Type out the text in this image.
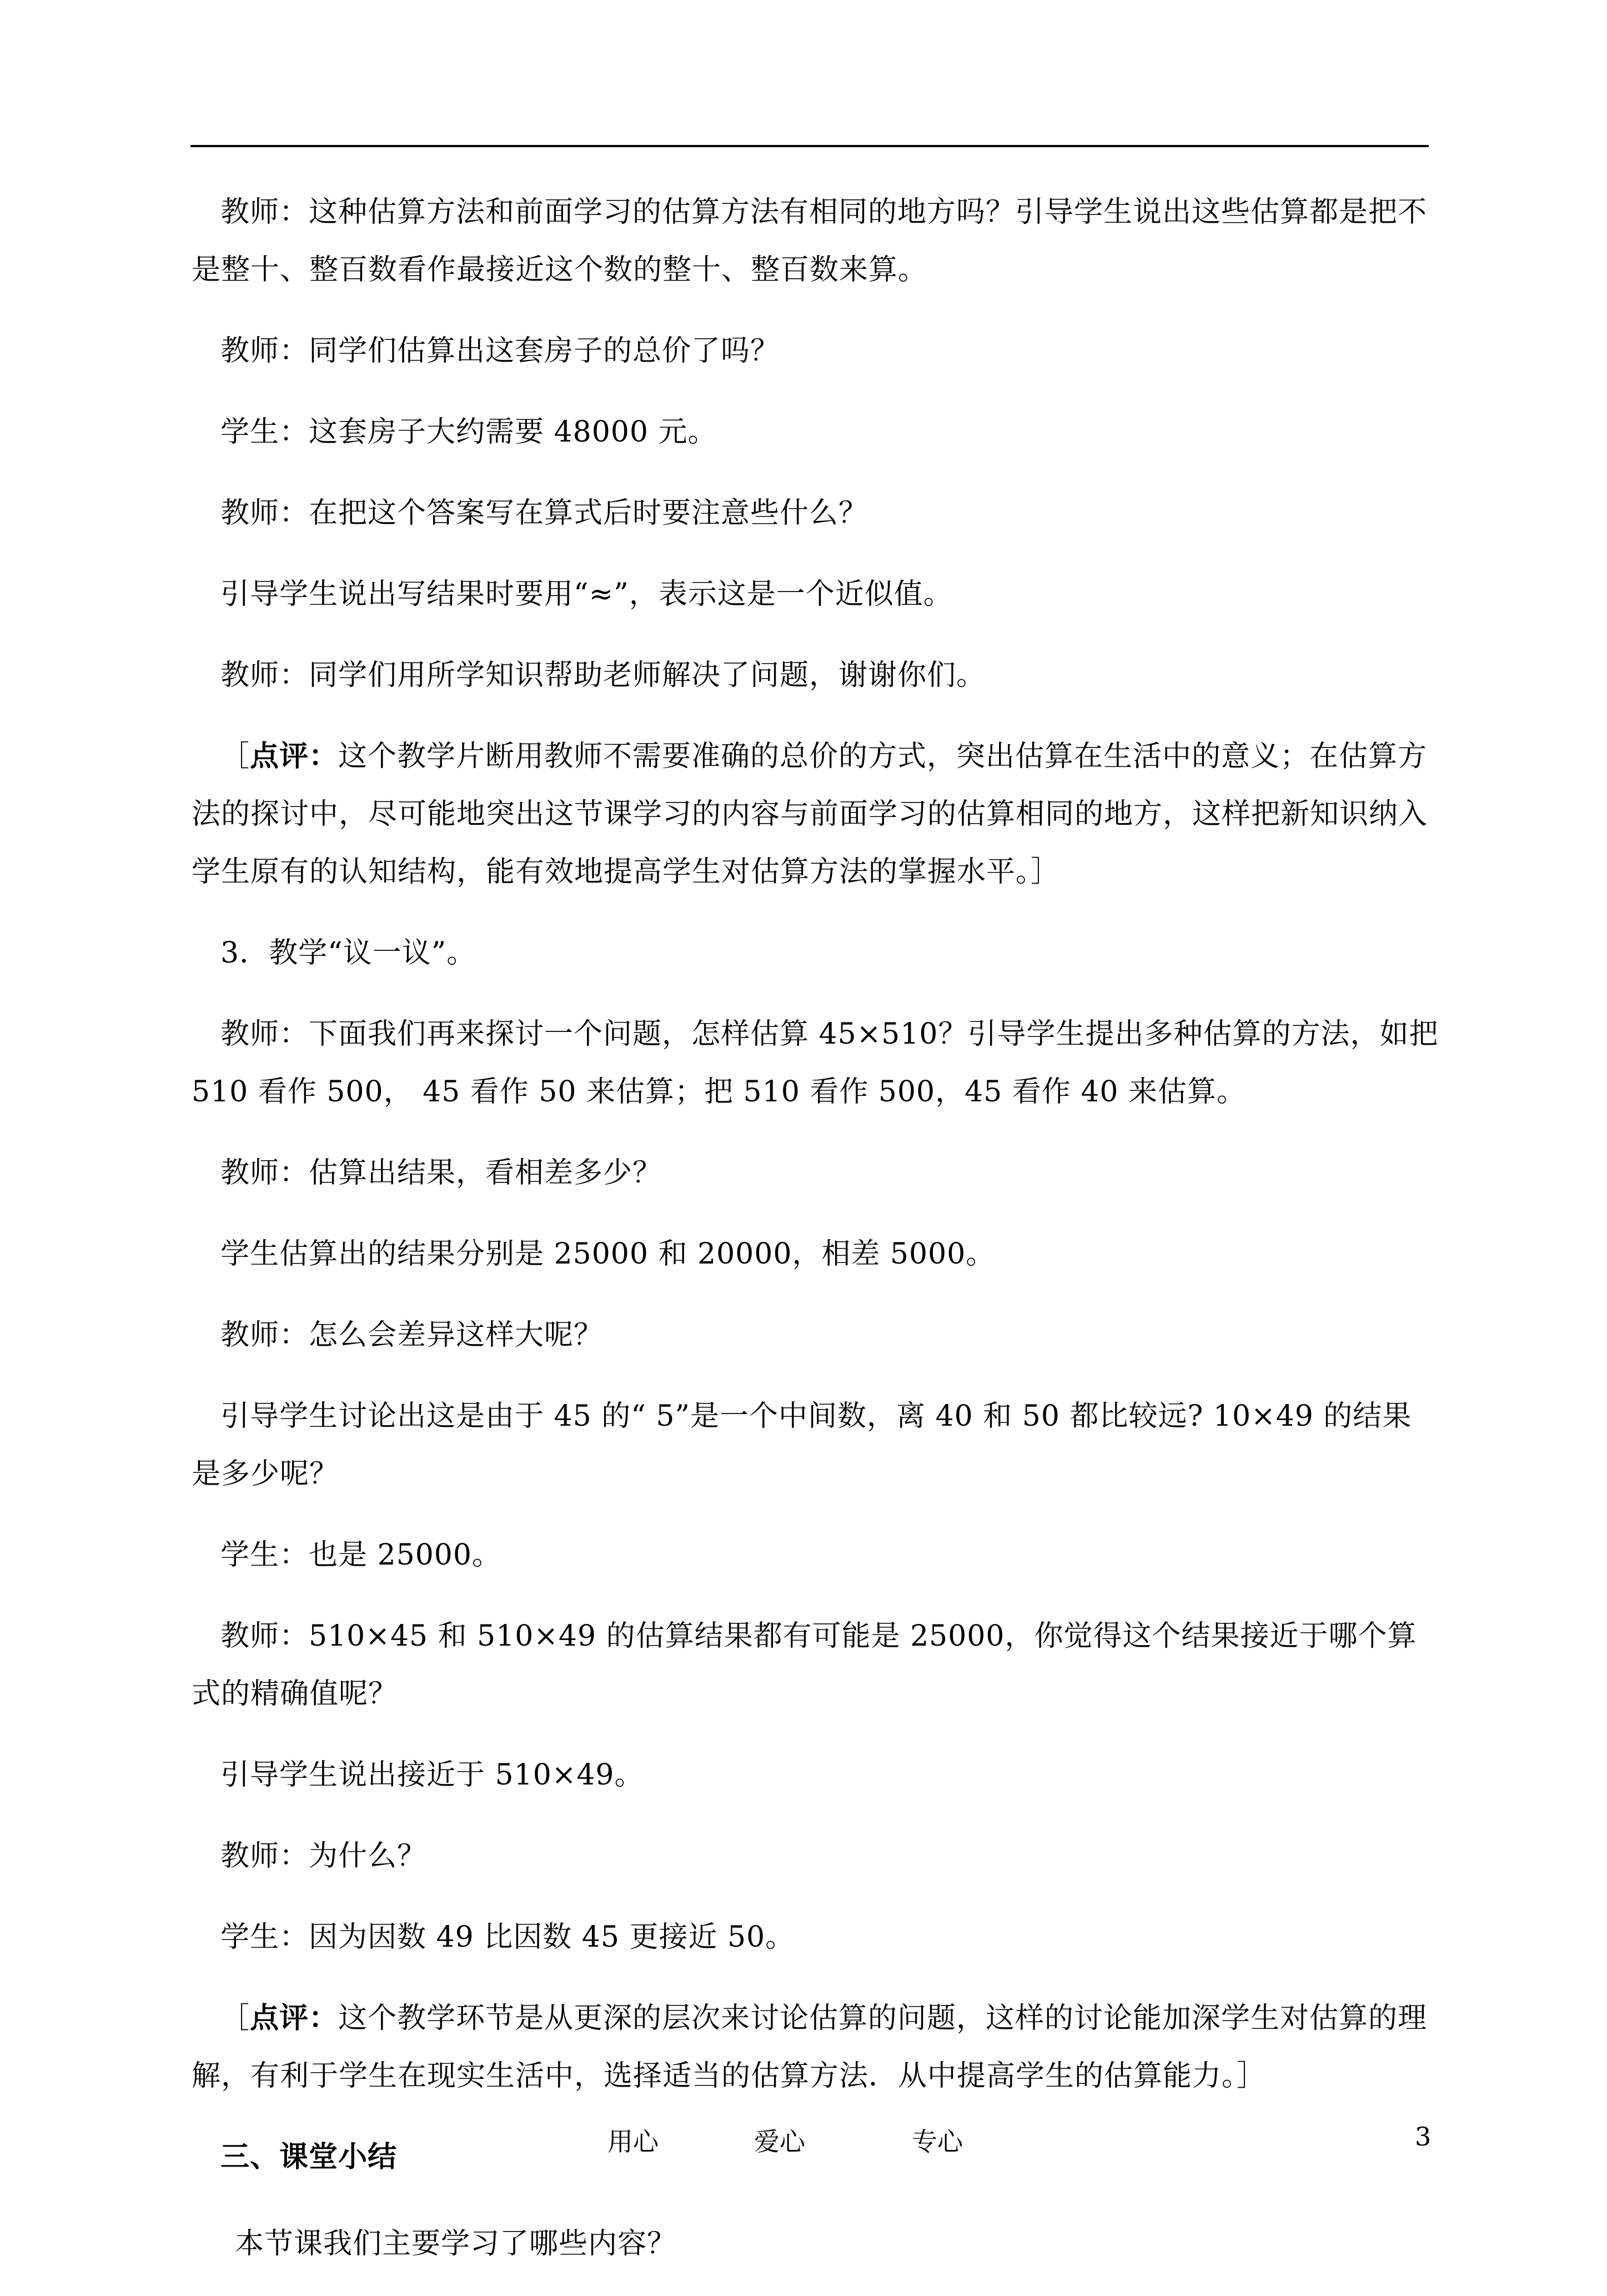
教师：这种估算方法和前面学习的估算方法有相同的地方吗？引导学生说出这些估算都是把不是整十、整百数看作最接近这个数的整十、整百数来算。

教师：同学们估算出这套房子的总价了吗？

学生：这套房子大约需要 48000 元。

教师：在把这个答案写在算式后时要注意些什么？

引导学生说出写结果时要用“≈”，表示这是一个近似值。

教师：同学们用所学知识帮助老师解决了问题，谢谢你们。

［点评：这个教学片断用教师不需要准确的总价的方式，突出估算在生活中的意义；在估算方法的探讨中，尽可能地突出这节课学习的内容与前面学习的估算相同的地方，这样把新知识纳入学生原有的认知结构，能有效地提高学生对估算方法的掌握水平。］

3．教学“议一议”。

教师：下面我们再来探讨一个问题，怎样估算 45×510？引导学生提出多种估算的方法，如把 510 看作 500， 45 看作 50 来估算；把 510 看作 500，45 看作 40 来估算。

教师：估算出结果，看相差多少？

学生估算出的结果分别是 25000 和 20000，相差 5000。

教师：怎么会差异这样大呢？

引导学生讨论出这是由于 45 的“ 5”是一个中间数，离 40 和 50 都比较远? 10×49 的结果是多少呢？

学生：也是 25000。

教师：510×45 和 510×49 的估算结果都有可能是 25000，你觉得这个结果接近于哪个算式的精确值呢？

引导学生说出接近于 510×49。

教师：为什么？

学生：因为因数 49 比因数 45 更接近 50。

［点评：这个教学环节是从更深的层次来讨论估算的问题，这样的讨论能加深学生对估算的理解，有利于学生在现实生活中，选择适当的估算方法．从中提高学生的估算能力。］

三、课堂小结

本节课我们主要学习了哪些内容？

用心	爱心	专心	3
